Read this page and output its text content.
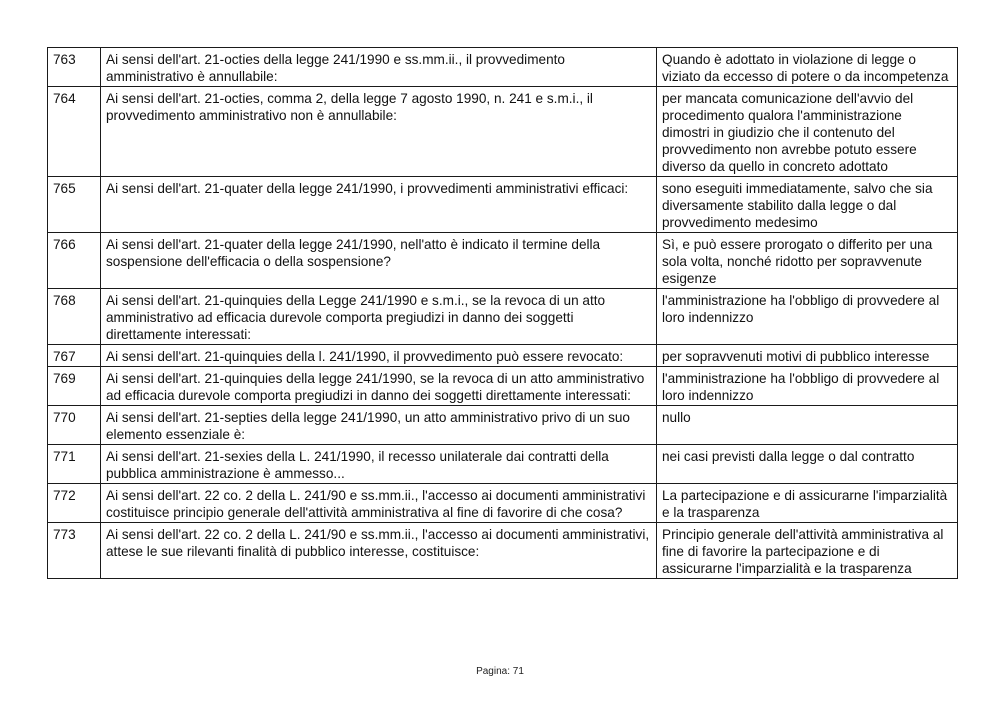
763	Ai sensi dell'art. 21-octies della legge 241/1990 e ss.mm.ii., il provvedimento amministrativo è annullabile:	Quando è adottato in violazione di legge o viziato da eccesso di potere o da incompetenza
764	Ai sensi dell'art. 21-octies, comma 2, della legge 7 agosto 1990, n. 241 e s.m.i., il provvedimento amministrativo non è annullabile:	per mancata comunicazione dell'avvio del procedimento qualora l'amministrazione dimostri in giudizio che il contenuto del provvedimento non avrebbe potuto essere diverso da quello in concreto adottato
765	Ai sensi dell'art. 21-quater della legge 241/1990, i provvedimenti amministrativi efficaci:	sono eseguiti immediatamente, salvo che sia diversamente stabilito dalla legge o dal provvedimento medesimo
766	Ai sensi dell'art. 21-quater della legge 241/1990, nell'atto è indicato il termine della sospensione dell'efficacia o della sospensione?	Sì, e può essere prorogato o differito per una sola volta, nonché ridotto per sopravvenute esigenze
768	Ai sensi dell'art. 21-quinquies della Legge 241/1990 e s.m.i., se la revoca di un atto amministrativo ad efficacia durevole comporta pregiudizi in danno dei soggetti direttamente interessati:	l'amministrazione ha l'obbligo di provvedere al loro indennizzo
767	Ai sensi dell'art. 21-quinquies della l. 241/1990, il provvedimento può essere revocato:	per sopravvenuti motivi di pubblico interesse
769	Ai sensi dell'art. 21-quinquies della legge 241/1990, se la revoca di un atto amministrativo ad efficacia durevole comporta pregiudizi in danno dei soggetti direttamente interessati:	l'amministrazione ha l'obbligo di provvedere al loro indennizzo
770	Ai sensi dell'art. 21-septies della legge 241/1990, un atto amministrativo privo di un suo elemento essenziale è:	nullo
771	Ai sensi dell'art. 21-sexies della L. 241/1990, il recesso unilaterale dai contratti della pubblica amministrazione è ammesso...	nei casi previsti dalla legge o dal contratto
772	Ai sensi dell'art. 22 co. 2 della L. 241/90 e ss.mm.ii., l'accesso ai documenti amministrativi costituisce principio generale dell'attività amministrativa al fine di favorire di che cosa?	La partecipazione e di assicurarne l'imparzialità e la trasparenza
773	Ai sensi dell'art. 22 co. 2 della L. 241/90 e ss.mm.ii., l'accesso ai documenti amministrativi, attese le sue rilevanti finalità di pubblico interesse, costituisce:	Principio generale dell'attività amministrativa al fine di favorire la partecipazione e di assicurarne l'imparzialità e la trasparenza
Pagina: 71
